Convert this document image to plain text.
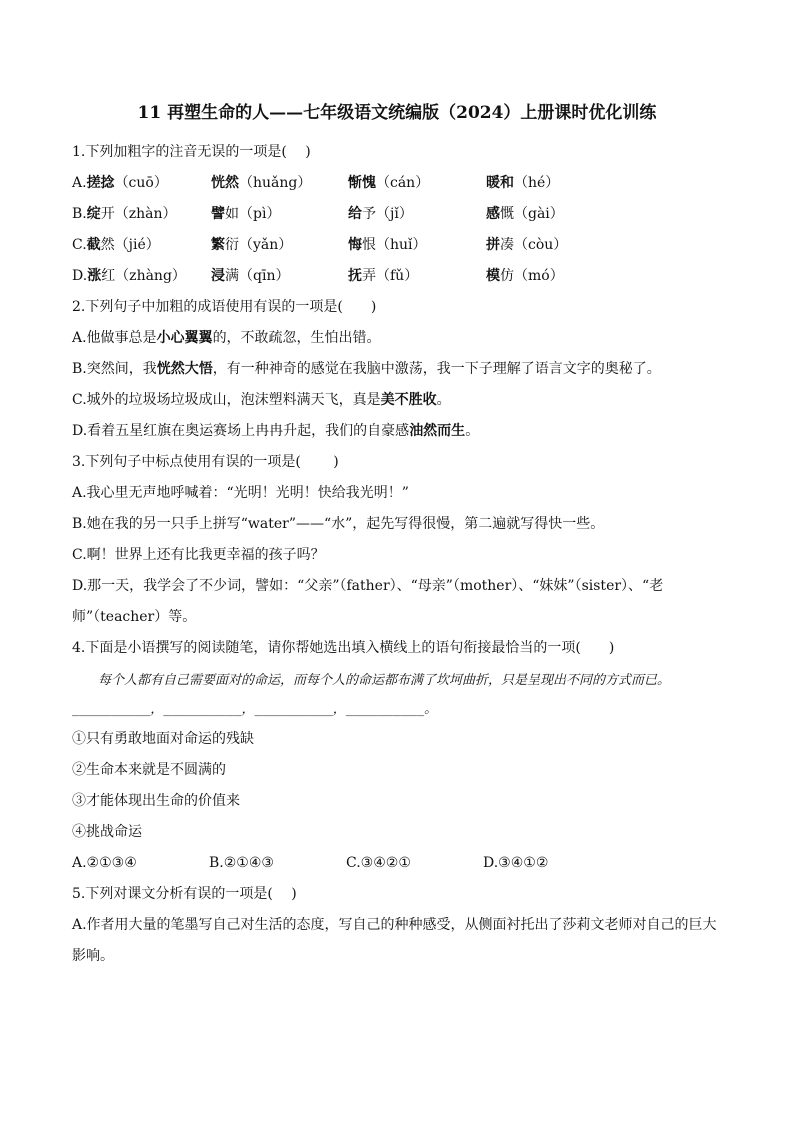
11 再塑生命的人——七年级语文统编版（2024）上册课时优化训练
1.下列加粗字的注音无误的一项是(　 )
A.搓捻（cuō）	恍然（huǎng）	惭愧（cán）	暖和（hé）
B.绽开（zhàn）	譬如（pì）	给予（jǐ）	感慨（gài）
C.截然（jié）	繁衍（yǎn）	悔恨（huǐ）	拼凑（còu）
D.涨红（zhàng）	浸满（qīn）	抚弄（fǔ）	模仿（mó）
2.下列句子中加粗的成语使用有误的一项是(　　)
A.他做事总是小心翼翼的，不敢疏忽，生怕出错。
B.突然间，我恍然大悟，有一种神奇的感觉在我脑中激荡，我一下子理解了语言文字的奥秘了。
C.城外的垃圾场垃圾成山，泡沫塑料满天飞，真是美不胜收。
D.看着五星红旗在奥运赛场上冉冉升起，我们的自豪感油然而生。
3.下列句子中标点使用有误的一项是(　 　)
A.我心里无声地呼喊着：“光明！光明！快给我光明！”
B.她在我的另一只手上拼写“water”——“水”，起先写得很慢，第二遍就写得快一些。
C.啊！世界上还有比我更幸福的孩子吗？
D.那一天，我学会了不少词，譬如：“父亲”（father）、“母亲”（mother）、“妹妹”（sister）、“老师”（teacher）等。
4.下面是小语撰写的阅读随笔，请你帮她选出填入横线上的语句衔接最恰当的一项(　　)
每个人都有自己需要面对的命运，而每个人的命运都布满了坎坷曲折，只是呈现出不同的方式而已。__________，__________，__________，__________。
①只有勇敢地面对命运的残缺
②生命本来就是不圆满的
③才能体现出生命的价值来
④挑战命运
A.②①③④	B.②①④③	C.③④②①	D.③④①②
5.下列对课文分析有误的一项是(　 )
A.作者用大量的笔墨写自己对生活的态度，写自己的种种感受，从侧面衬托出了莎莉文老师对自己的巨大影响。
